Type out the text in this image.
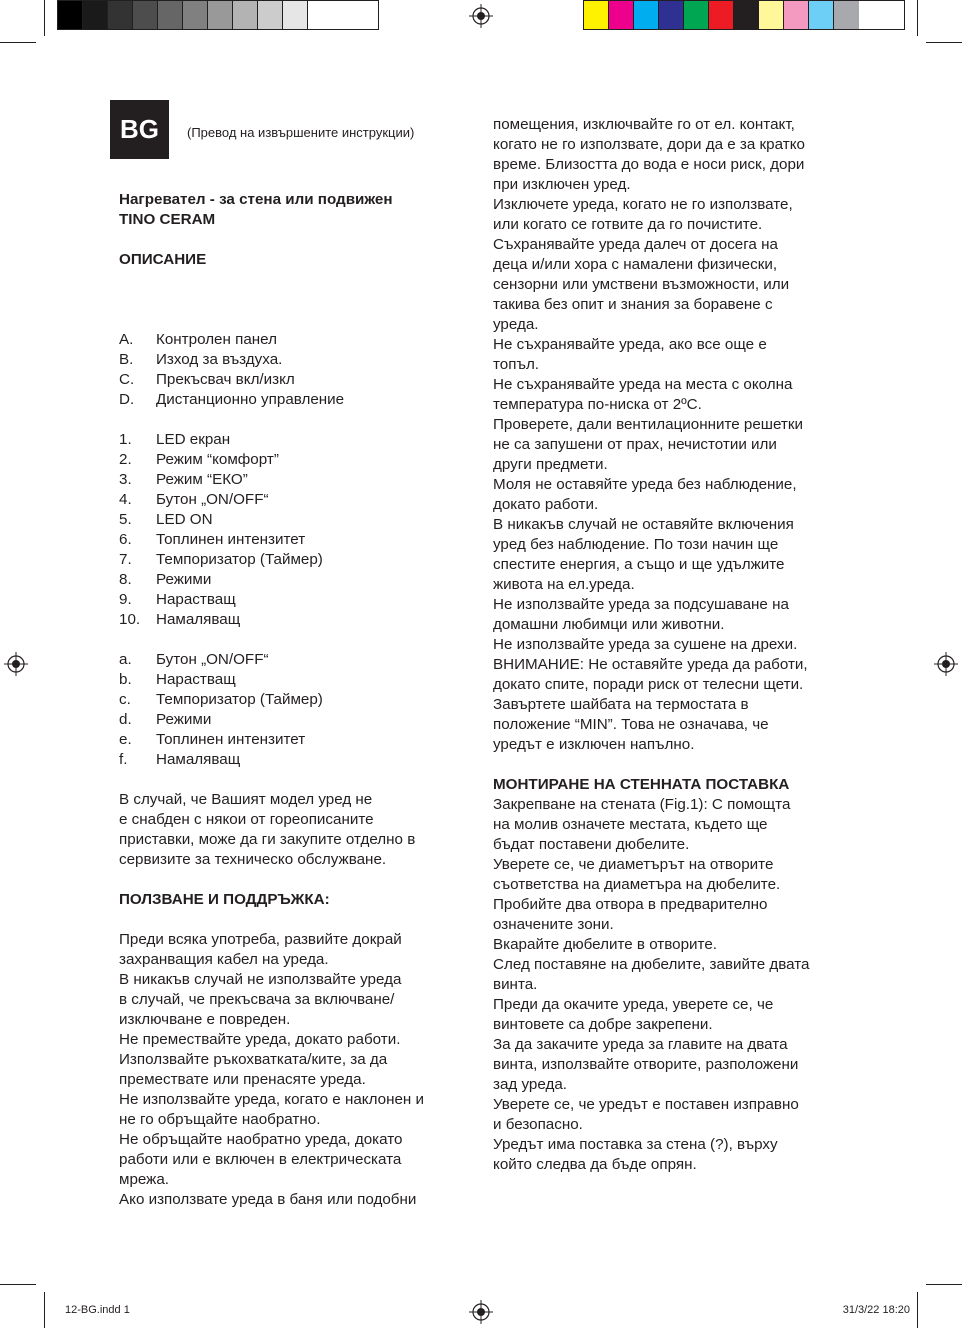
BG	(Превод на извършените инструкции)

Нагревател - за стена или подвижен

TINO CERAM

ОПИСАНИЕ

A.	Контролен панел
B.	Изход за въздуха.
C.	Прекъсвач вкл/изкл
D.	Дистанционно управление
1.	LED екран
2.	Режим “комфорт”
3.	Режим “ЕКО”
4.	Бутон „ON/OFF“
5.	LED ON
6.	Топлинен интензитет
7.	Темпоризатор (Таймер)
8.	Режими
9.	Нарастващ
10.	Намаляващ
a.	Бутон „ON/OFF“
b.	Нарастващ
c.	Темпоризатор (Таймер)
d.	Режими
e.	Топлинен интензитет
f.	Намаляващ

В случай, че Вашият модел уред не

е снабден с някои от гореописаните

приставки, може да ги закупите отделно в

сервизите за техническо обслужване.

ПОЛЗВАНЕ И ПОДДРЪЖКА:

Преди всяка употреба, развийте докрай

захранващия кабел на уреда.

В никакъв случай не използвайте уреда

в случай, че прекъсвача за включване/

изключване е повреден.

Не премествайте уреда, докато работи.

Използвайте ръкохватката/ките, за да

премествате или пренасяте уреда.

Не използвайте уреда, когато е наклонен и

не го обръщайте наобратно.

Не обръщайте наобратно уреда, докато

работи или е включен в електрическата

мрежа.

Ако използвате уреда в баня или подобни

помещения, изключвайте го от ел. контакт,

когато не го използвате, дори да е за кратко

време. Близостта до вода е носи риск, дори

при изключен уред.

Изключете уреда, когато не го използвате,

или когато се готвите да го почистите.

Съхранявайте уреда далеч от досега на

деца и/или хора с намалени физически,

сензорни или умствени възможности, или

такива без опит и знания за боравене с

уреда.

Не съхранявайте уреда, ако все още е

топъл.

Не съхранявайте уреда на места с околна

температура по-ниска от 2ºC.

Проверете, дали вентилационните решетки

не са запушени от прах, нечистотии или

други предмети.

Моля не оставяйте уреда без наблюдение,

докато работи.

В никакъв случай не оставяйте включения

уред без наблюдение. По този начин ще

спестите енергия, а също и ще удължите

живота на ел.уреда.

Не използвайте уреда за подсушаване на

домашни любимци или животни.

Не използвайте уреда за сушене на дрехи.

ВНИМАНИЕ: Не оставяйте уреда да работи,

докато спите, поради риск от телесни щети.

Завъртете шайбата на термостата в

положение “MIN”. Това не означава, че

уредът е изключен напълно.

МОНТИРАНЕ НА СТЕННАТА ПОСТАВКА

Закрепване на стената (Fig.1): С помощта

на молив означете местата, където ще

бъдат поставени дюбелите.

Уверете се, че диаметърът на отворите

съответства на диаметъра на дюбелите.

Пробийте два отвора в предварително

означените зони.

Вкарайте дюбелите в отворите.

След поставяне на дюбелите, завийте двата

винта.

Преди да окачите уреда, уверете се, че

винтовете са добре закрепени.

За да закачите уреда за главите на двата

винта, използвайте отворите, разположени

зад уреда.

Уверете се, че уредът е поставен изправно

и безопасно.

Уредът има поставка за стена (?), върху

който следва да бъде опрян.

12-BG.indd 1	31/3/22 18:20
